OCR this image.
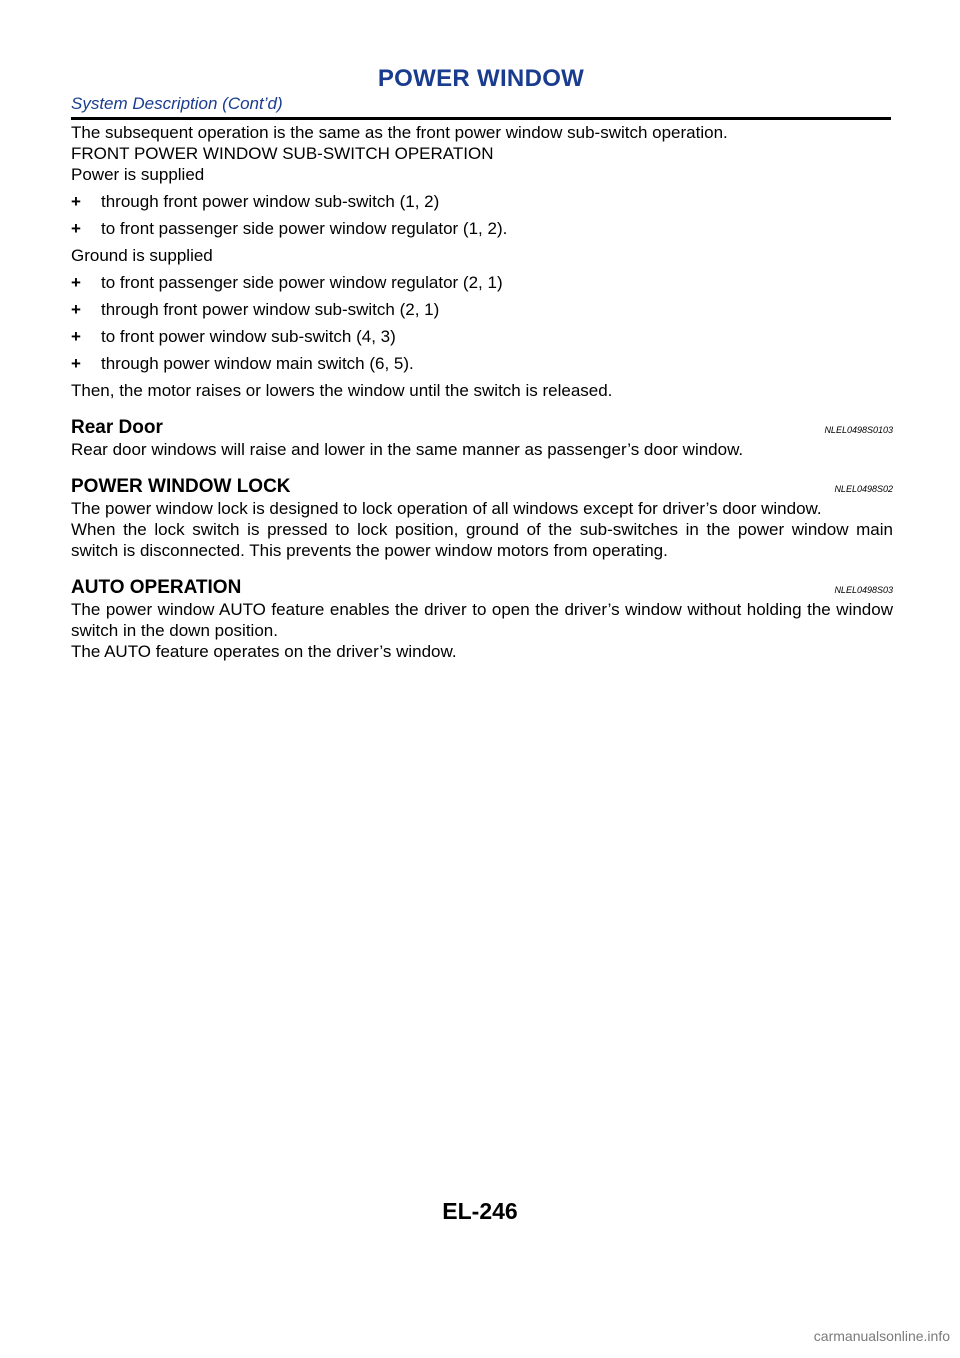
POWER WINDOW
System Description (Cont’d)

The subsequent operation is the same as the front power window sub-switch operation.

FRONT POWER WINDOW SUB-SWITCH OPERATION

Power is supplied

+ through front power window sub-switch (1, 2)
+ to front passenger side power window regulator (1, 2).

Ground is supplied

+ to front passenger side power window regulator (2, 1)
+ through front power window sub-switch (2, 1)
+ to front power window sub-switch (4, 3)
+ through power window main switch (6, 5).

Then, the motor raises or lowers the window until the switch is released.

Rear Door	NLEL0498S0103

Rear door windows will raise and lower in the same manner as passenger’s door window.

POWER WINDOW LOCK	NLEL0498S02

The power window lock is designed to lock operation of all windows except for driver’s door window.

When the lock switch is pressed to lock position, ground of the sub-switches in the power window main switch is disconnected. This prevents the power window motors from operating.

AUTO OPERATION	NLEL0498S03

The power window AUTO feature enables the driver to open the driver’s window without holding the window switch in the down position.

The AUTO feature operates on the driver’s window.

EL-246
carmanualsonline.info
